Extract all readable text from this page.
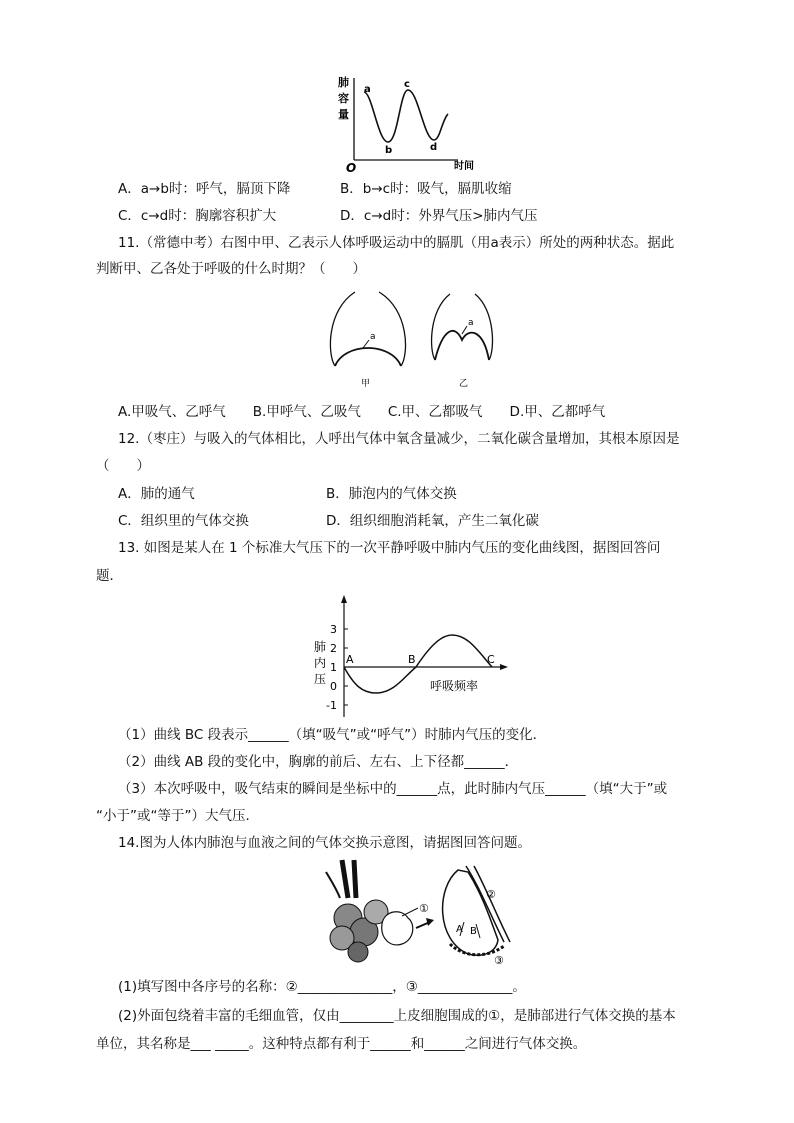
肺
容
量
O
a
b
c
d
时间
A．a→b时：呼气，膈顶下降	B．b→c时：吸气，膈肌收缩
C．c→d时：胸廓容积扩大	D．c→d时：外界气压>肺内气压
11.（常德中考）右图中甲、乙表示人体呼吸运动中的膈肌（用a表示）所处的两种状态。据此
判断甲、乙各处于呼吸的什么时期？（　　）
a
甲
a
乙
A.甲吸气、乙呼气　　B.甲呼气、乙吸气　　C.甲、乙都吸气　　D.甲、乙都呼气
12.（枣庄）与吸入的气体相比，人呼出气体中氧含量减少，二氧化碳含量增加，其根本原因是
（　　）
A．肺的通气	B．肺泡内的气体交换
C．组织里的气体交换	D．组织细胞消耗氧，产生二氧化碳
13. 如图是某人在 1 个标准大气压下的一次平静呼吸中肺内气压的变化曲线图，据图回答问
题．
3
2
1
0
-1
肺
内
压
A	B	C
呼吸频率
（1）曲线 BC 段表示______（填“吸气”或“呼气”）时肺内气压的变化．
（2）曲线 AB 段的变化中，胸廓的前后、左右、上下径都______．
（3）本次呼吸中，吸气结束的瞬间是坐标中的______点，此时肺内气压______（填“大于”或
“小于”或“等于”）大气压．
14.图为人体内肺泡与血液之间的气体交换示意图，请据图回答问题。
①
A B
②
③
(1)填写图中各序号的名称：②______________，③______________。
(2)外面包绕着丰富的毛细血管，仅由________上皮细胞围成的①，是肺部进行气体交换的基本
单位，其名称是___ _____。这种特点都有利于______和______之间进行气体交换。
